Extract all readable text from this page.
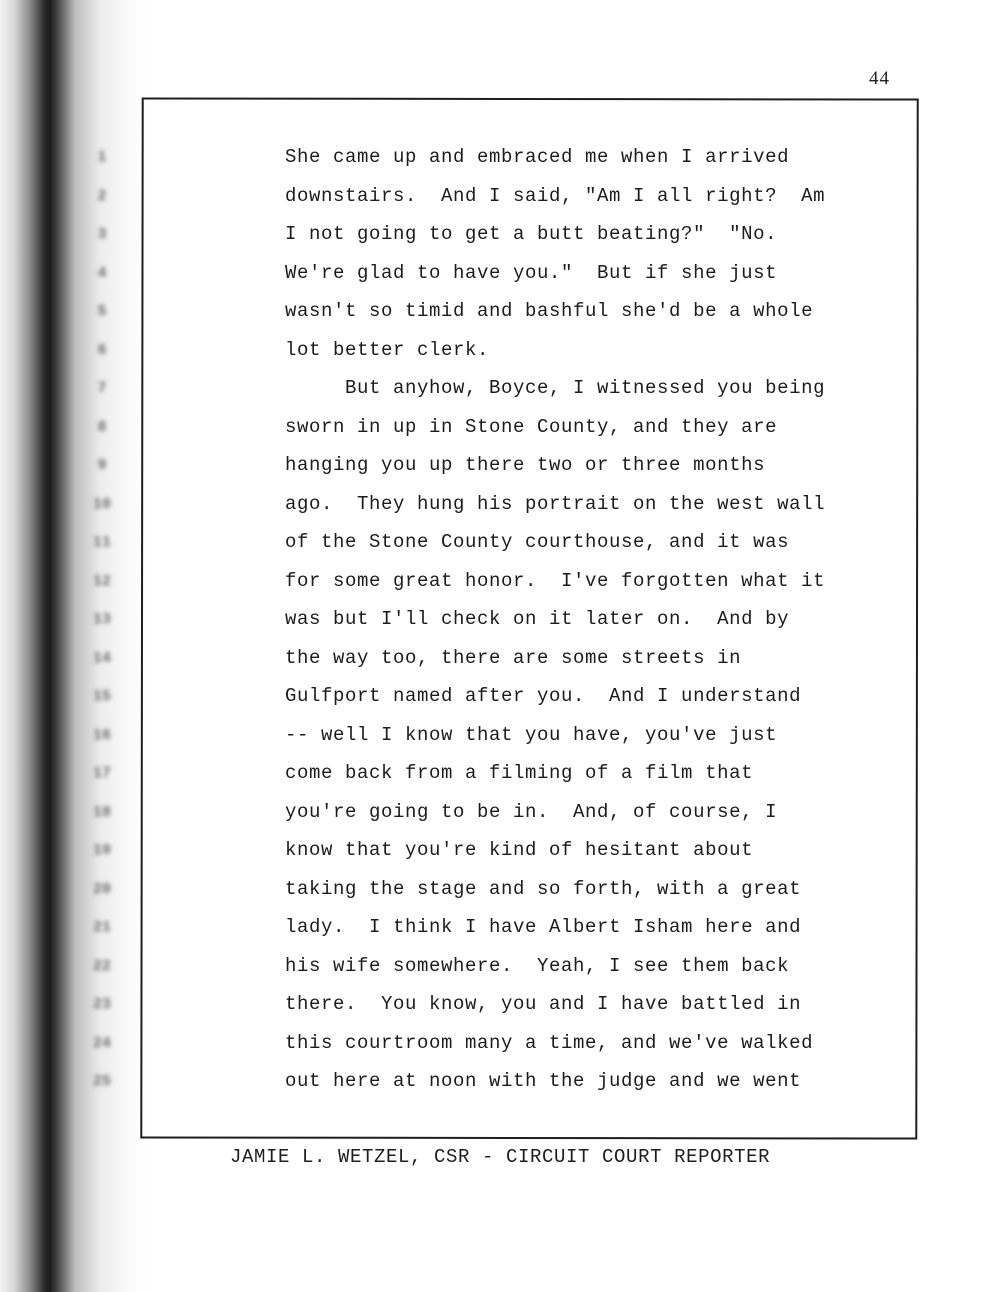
44
1
2
3
4
5
6
7
8
9
10
11
12
13
14
15
16
17
18
19
20
21
22
23
24
25
She came up and embraced me when I arrived
downstairs.  And I said, "Am I all right?  Am
I not going to get a butt beating?"  "No.
We're glad to have you."  But if she just
wasn't so timid and bashful she'd be a whole
lot better clerk.
But anyhow, Boyce, I witnessed you being
sworn in up in Stone County, and they are
hanging you up there two or three months
ago.  They hung his portrait on the west wall
of the Stone County courthouse, and it was
for some great honor.  I've forgotten what it
was but I'll check on it later on.  And by
the way too, there are some streets in
Gulfport named after you.  And I understand
-- well I know that you have, you've just
come back from a filming of a film that
you're going to be in.  And, of course, I
know that you're kind of hesitant about
taking the stage and so forth, with a great
lady.  I think I have Albert Isham here and
his wife somewhere.  Yeah, I see them back
there.  You know, you and I have battled in
this courtroom many a time, and we've walked
out here at noon with the judge and we went
JAMIE L. WETZEL, CSR - CIRCUIT COURT REPORTER
